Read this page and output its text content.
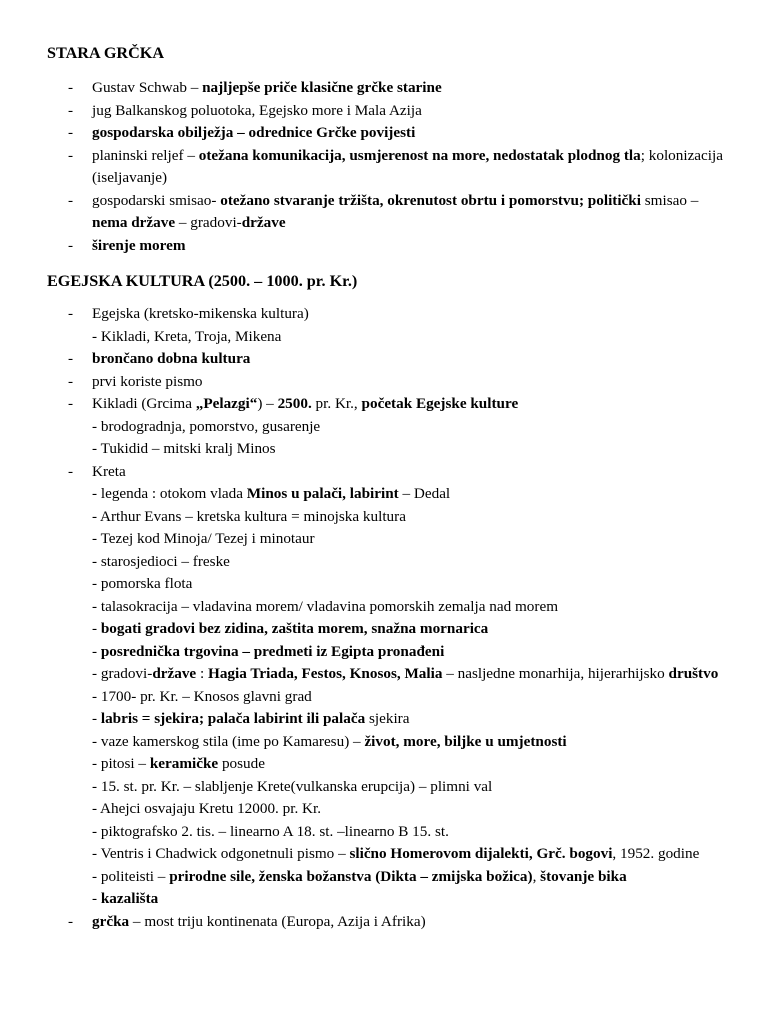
STARA GRČKA
- Gustav Schwab – najljepše priče klasične grčke starine
- jug Balkanskog poluotoka, Egejsko more i Mala Azija
- gospodarska obilježja – odrednice Grčke povijesti
- planinski reljef – otežana komunikacija, usmjerenost na more, nedostatak plodnog tla; kolonizacija (iseljavanje)
- gospodarski smisao- otežano stvaranje tržišta, okrenutost obrtu i pomorstvu; politički smisao – nema države – gradovi-države
- širenje morem
EGEJSKA KULTURA (2500. – 1000. pr. Kr.)
- Egejska (kretsko-mikenska kultura)
- Kikladi, Kreta, Troja, Mikena
- brončano dobna kultura
- prvi koriste pismo
- Kikladi (Grcima „Pelazgi“) – 2500. pr. Kr., početak Egejske kulture
- brodogradnja, pomorstvo, gusarenje
- Tukidid – mitski kralj Minos
- Kreta
- legenda : otokom vlada Minos u palači, labirint – Dedal
- Arthur Evans – kretska kultura = minojska kultura
- Tezej kod Minoja/ Tezej i minotaur
- starosjedioci – freske
- pomorska flota
- talasokracija – vladavina morem/ vladavina pomorskih zemalja nad morem
- bogati gradovi bez zidina, zaštita morem, snažna mornarica
- posrednička trgovina – predmeti iz Egipta pronađeni
- gradovi-države : Hagia Triada, Festos, Knosos, Malia – nasljedne monarhija, hijerarhijsko društvo
- 1700- pr. Kr. – Knosos glavni grad
- labris = sjekira; palača labirint ili palača sjekira
- vaze kamerskog stila (ime po Kamaresu) – život, more, biljke u umjetnosti
- pitosi – keramičke posude
- 15. st. pr. Kr. – slabljenje Krete(vulkanska erupcija) – plimni val
- Ahejci osvajaju Kretu 12000. pr. Kr.
- piktografsko 2. tis. – linearno A 18. st. –linearno B 15. st.
- Ventris i Chadwick odgonetnuli pismo – slično Homerovom dijalekti, Grč. bogovi, 1952. godine
- politeisti – prirodne sile, ženska božanstva (Dikta – zmijska božica), štovanje bika
- kazališta
- grčka – most triju kontinenata (Europa, Azija i Afrika)
